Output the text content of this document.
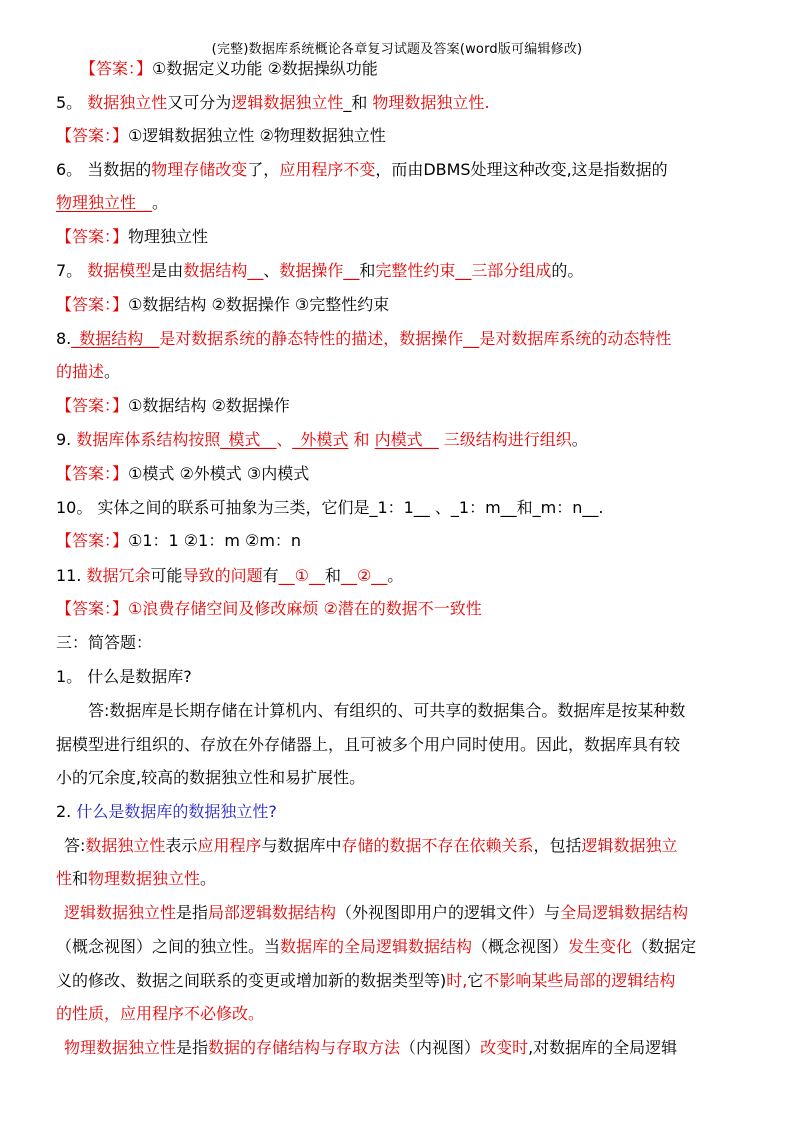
(完整)数据库系统概论各章复习试题及答案(word版可编辑修改)
【答案：】①数据定义功能 ②数据操纵功能
5。 数据独立性又可分为逻辑数据独立性_和 物理数据独立性.
【答案：】①逻辑数据独立性 ②物理数据独立性
6。 当数据的物理存储改变了，应用程序不变，而由DBMS处理这种改变,这是指数据的
物理独立性__。
【答案：】物理独立性
7。 数据模型是由数据结构__、数据操作__和完整性约束__三部分组成的。
【答案：】①数据结构 ②数据操作 ③完整性约束
8._数据结构__是对数据系统的静态特性的描述，数据操作__是对数据库系统的动态特性
的描述。
【答案：】①数据结构 ②数据操作
9. 数据库体系结构按照_模式__、_外模式 和 内模式__ 三级结构进行组织。
【答案：】①模式 ②外模式 ③内模式
10。 实体之间的联系可抽象为三类，它们是_1：1__ 、_1：m__和_m：n__.
【答案：】①1：1 ②1：m ②m：n
11. 数据冗余可能导致的问题有__①__和__②__。
【答案：】①浪费存储空间及修改麻烦 ②潜在的数据不一致性
三：简答题：
1。 什么是数据库?
答:数据库是长期存储在计算机内、有组织的、可共享的数据集合。数据库是按某种数
据模型进行组织的、存放在外存储器上，且可被多个用户同时使用。因此，数据库具有较
小的冗余度,较高的数据独立性和易扩展性。
2. 什么是数据库的数据独立性?
答:数据独立性表示应用程序与数据库中存储的数据不存在依赖关系，包括逻辑数据独立
性和物理数据独立性。
逻辑数据独立性是指局部逻辑数据结构（外视图即用户的逻辑文件）与全局逻辑数据结构
（概念视图）之间的独立性。当数据库的全局逻辑数据结构（概念视图）发生变化（数据定
义的修改、数据之间联系的变更或增加新的数据类型等)时,它不影响某些局部的逻辑结构
的性质，应用程序不必修改。
物理数据独立性是指数据的存储结构与存取方法（内视图）改变时,对数据库的全局逻辑
